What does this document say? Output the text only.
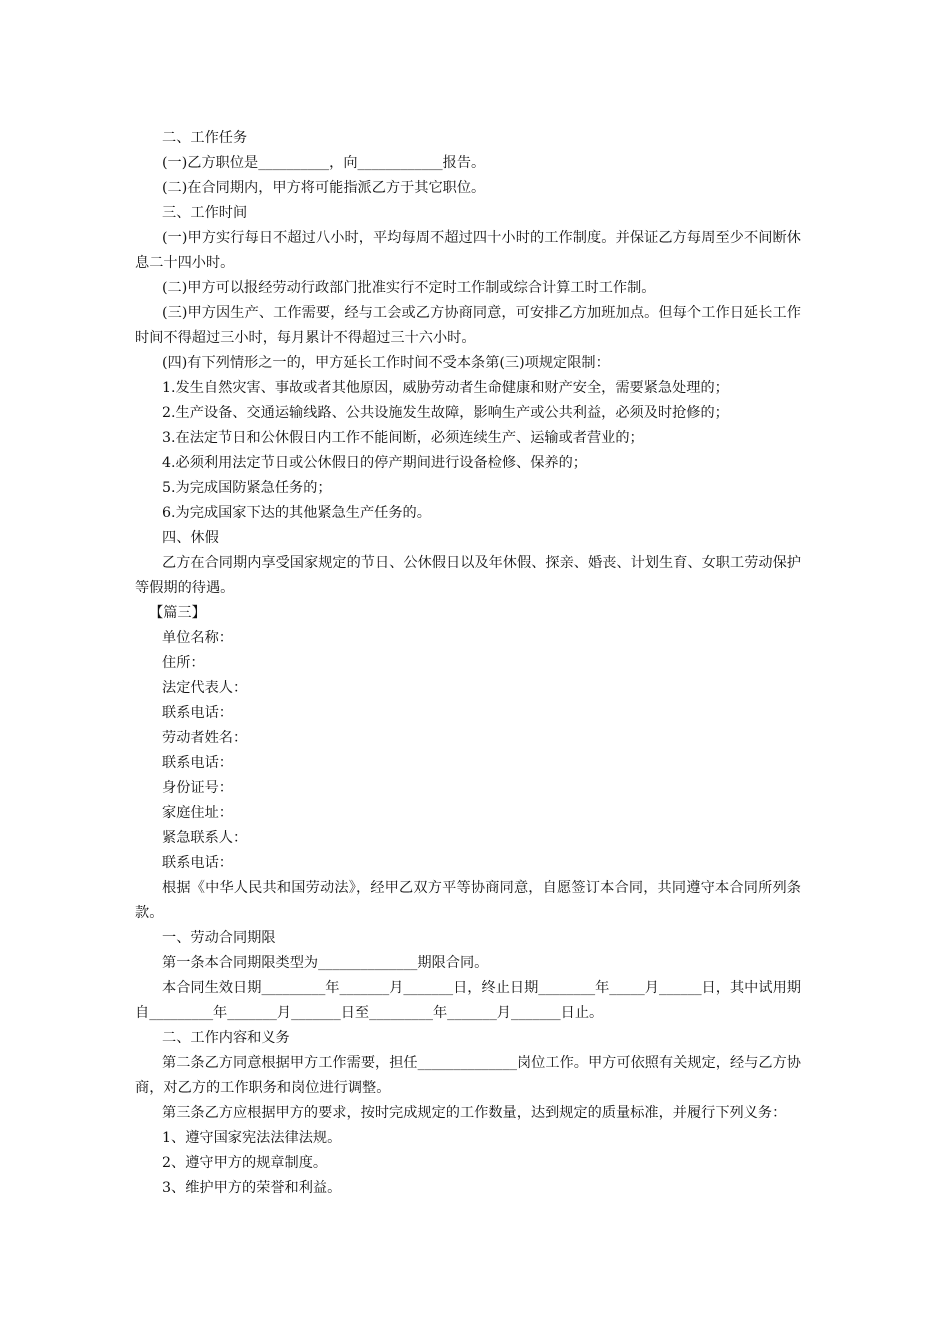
二、工作任务

(一)乙方职位是__________，向____________报告。

(二)在合同期内，甲方将可能指派乙方于其它职位。

三、工作时间

(一)甲方实行每日不超过八小时，平均每周不超过四十小时的工作制度。并保证乙方每周至少不间断休息二十四小时。

(二)甲方可以报经劳动行政部门批准实行不定时工作制或综合计算工时工作制。

(三)甲方因生产、工作需要，经与工会或乙方协商同意，可安排乙方加班加点。但每个工作日延长工作时间不得超过三小时，每月累计不得超过三十六小时。

(四)有下列情形之一的，甲方延长工作时间不受本条第(三)项规定限制：

1.发生自然灾害、事故或者其他原因，威胁劳动者生命健康和财产安全，需要紧急处理的；

2.生产设备、交通运输线路、公共设施发生故障，影响生产或公共利益，必须及时抢修的；

3.在法定节日和公休假日内工作不能间断，必须连续生产、运输或者营业的；

4.必须利用法定节日或公休假日的停产期间进行设备检修、保养的；

5.为完成国防紧急任务的；

6.为完成国家下达的其他紧急生产任务的。

四、休假

乙方在合同期内享受国家规定的节日、公休假日以及年休假、探亲、婚丧、计划生育、女职工劳动保护等假期的待遇。

【篇三】

单位名称：

住所：

法定代表人：

联系电话：

劳动者姓名：

联系电话：

身份证号：

家庭住址：

紧急联系人：

联系电话：

根据《中华人民共和国劳动法》，经甲乙双方平等协商同意，自愿签订本合同，共同遵守本合同所列条款。

一、劳动合同期限

第一条本合同期限类型为______________期限合同。

本合同生效日期_________年_______月_______日，终止日期________年_____月______日，其中试用期自_________年_______月_______日至_________年_______月_______日止。

二、工作内容和义务

第二条乙方同意根据甲方工作需要，担任______________岗位工作。甲方可依照有关规定，经与乙方协商，对乙方的工作职务和岗位进行调整。

第三条乙方应根据甲方的要求，按时完成规定的工作数量，达到规定的质量标准，并履行下列义务：

1、遵守国家宪法法律法规。

2、遵守甲方的规章制度。

3、维护甲方的荣誉和利益。
